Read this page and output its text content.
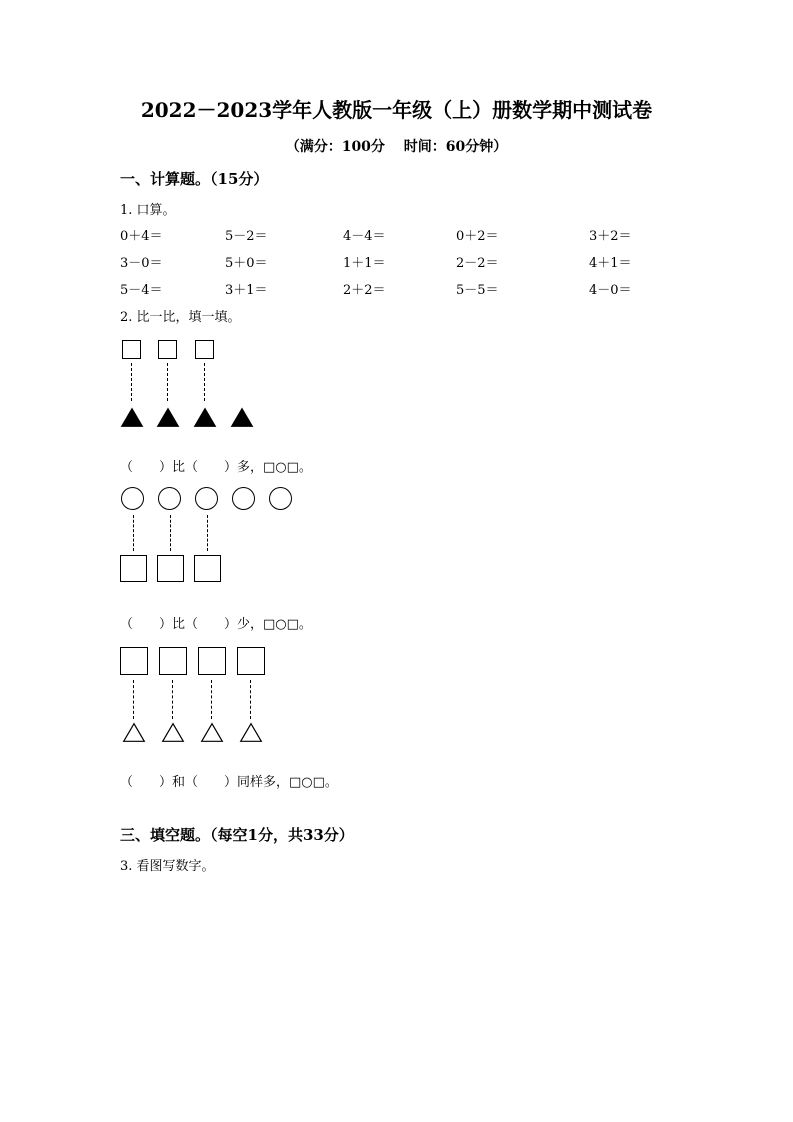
2022－2023学年人教版一年级（上）册数学期中测试卷
（满分：100分　 时间：60分钟）
一、计算题。（15分）
1. 口算。
0＋4＝	5－2＝	4－4＝	0＋2＝	3＋2＝
3－0＝	5＋0＝	1＋1＝	2－2＝	4＋1＝
5－4＝	3＋1＝	2＋2＝	5－5＝	4－0＝
2. 比一比，填一填。
（　　）比（　　）多，□○□。
（　　）比（　　）少，□○□。
（　　）和（　　）同样多，□○□。
三、填空题。（每空1分，共33分）
3. 看图写数字。
